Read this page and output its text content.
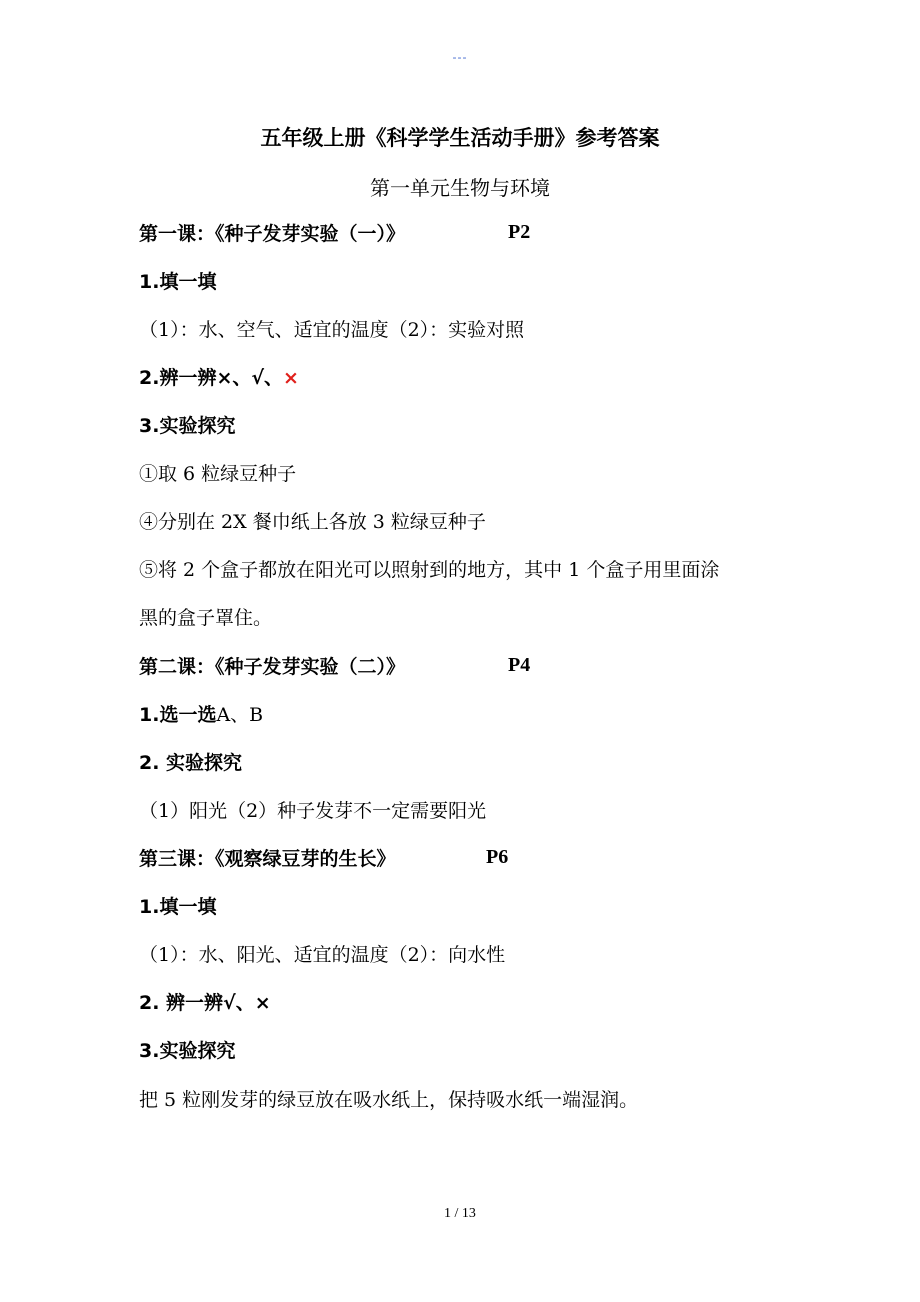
---
五年级上册《科学学生活动手册》参考答案
第一单元生物与环境
第一课：《种子发芽实验（一）》	P2
1.填一填
（1）：水、空气、适宜的温度（2）：实验对照
2.辨一辨×、√、×
3.实验探究
①取 6 粒绿豆种子
④分别在 2X 餐巾纸上各放 3 粒绿豆种子
⑤将 2 个盒子都放在阳光可以照射到的地方，其中 1 个盒子用里面涂
黑的盒子罩住。
第二课：《种子发芽实验（二）》	P4
1.选一选A、B
2. 实验探究
（1）阳光（2）种子发芽不一定需要阳光
第三课：《观察绿豆芽的生长》	P6
1.填一填
（1）：水、阳光、适宜的温度（2）：向水性
2. 辨一辨√、×
3.实验探究
把 5 粒刚发芽的绿豆放在吸水纸上，保持吸水纸一端湿润。
1 / 13
